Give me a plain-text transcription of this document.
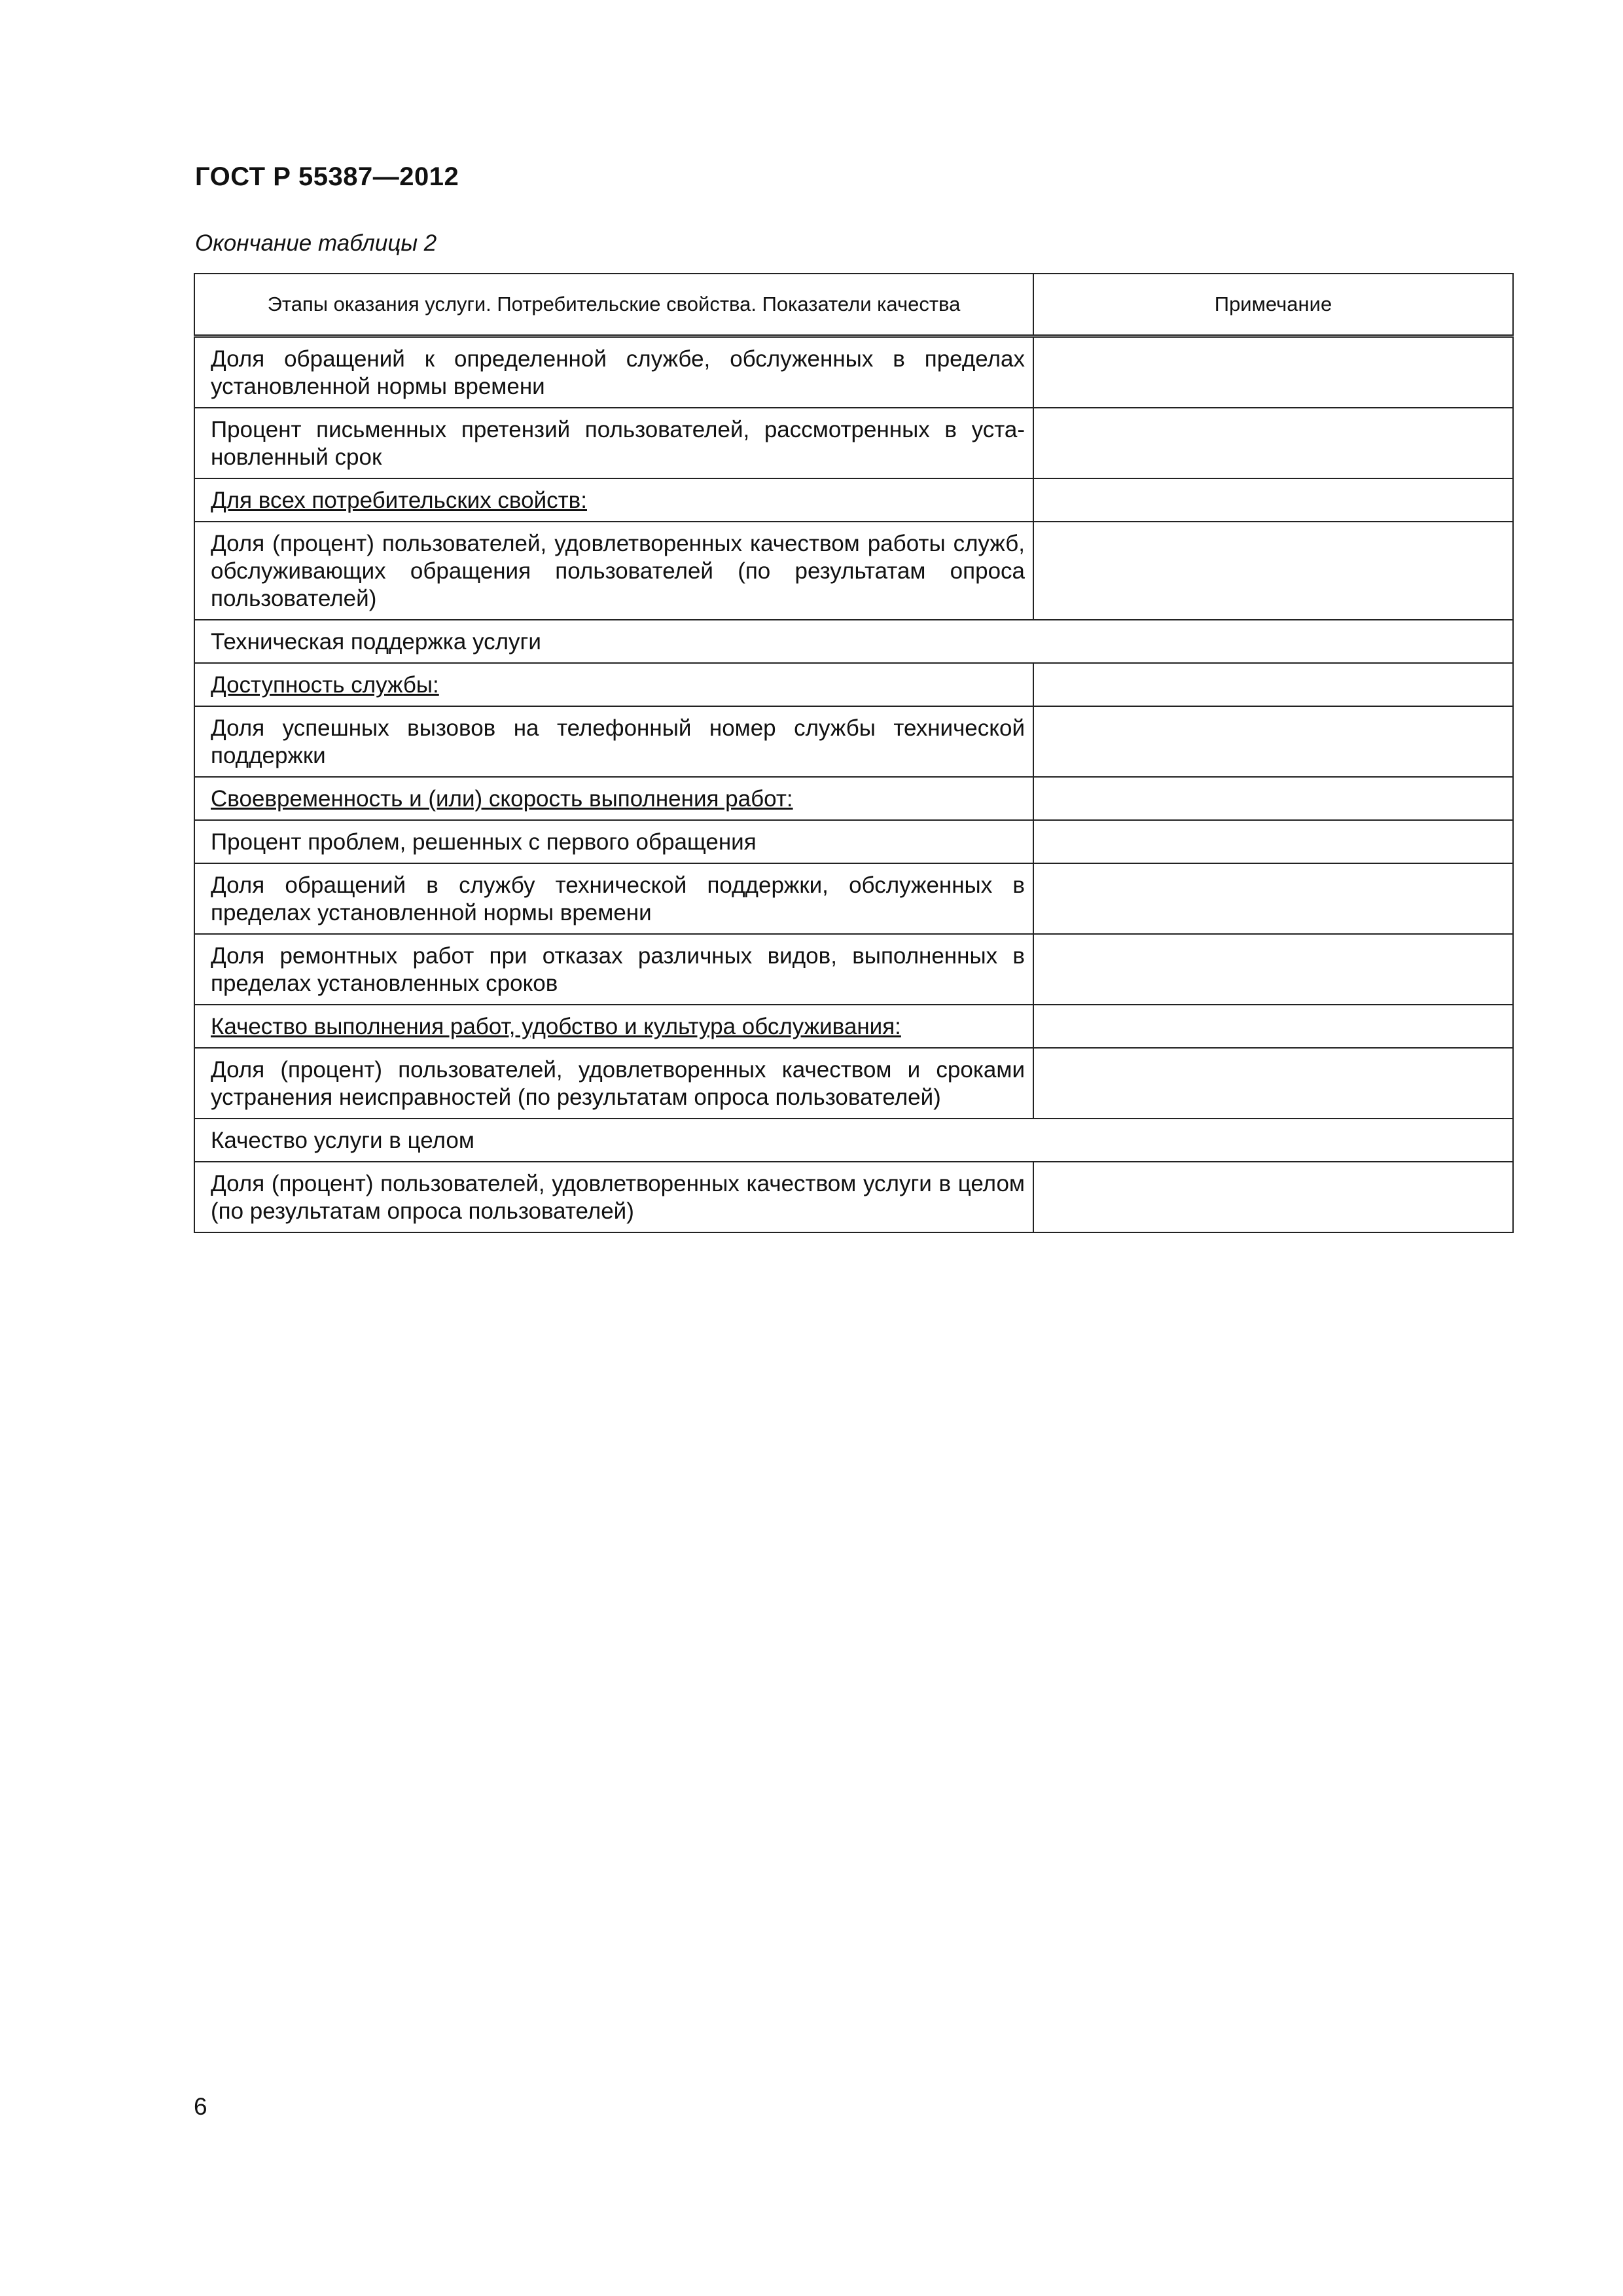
ГОСТ Р 55387—2012
Окончание таблицы 2
Этапы оказания услуги. Потребительские свойства. Показатели качества	Примечание
Доля обращений к определенной службе, обслуженных в пределах установленной нормы времени	
Процент письменных претензий пользователей, рассмотренных в уста-новленный срок	
Для всех потребительских свойств:	
Доля (процент) пользователей, удовлетворенных качеством работы служб, обслуживающих обращения пользователей (по результатам опроса пользователей)	
Техническая поддержка услуги	
Доступность службы:	
Доля успешных вызовов на телефонный номер службы технической поддержки	
Своевременность и (или) скорость выполнения работ:	
Процент проблем, решенных с первого обращения	
Доля обращений в службу технической поддержки, обслуженных в пределах установленной нормы времени	
Доля ремонтных работ при отказах различных видов, выполненных в пределах установленных сроков	
Качество выполнения работ, удобство и культура обслуживания:	
Доля (процент) пользователей, удовлетворенных качеством и сроками устранения неисправностей (по результатам опроса пользователей)	
Качество услуги в целом	
Доля (процент) пользователей, удовлетворенных качеством услуги в целом (по результатам опроса пользователей)	
6
